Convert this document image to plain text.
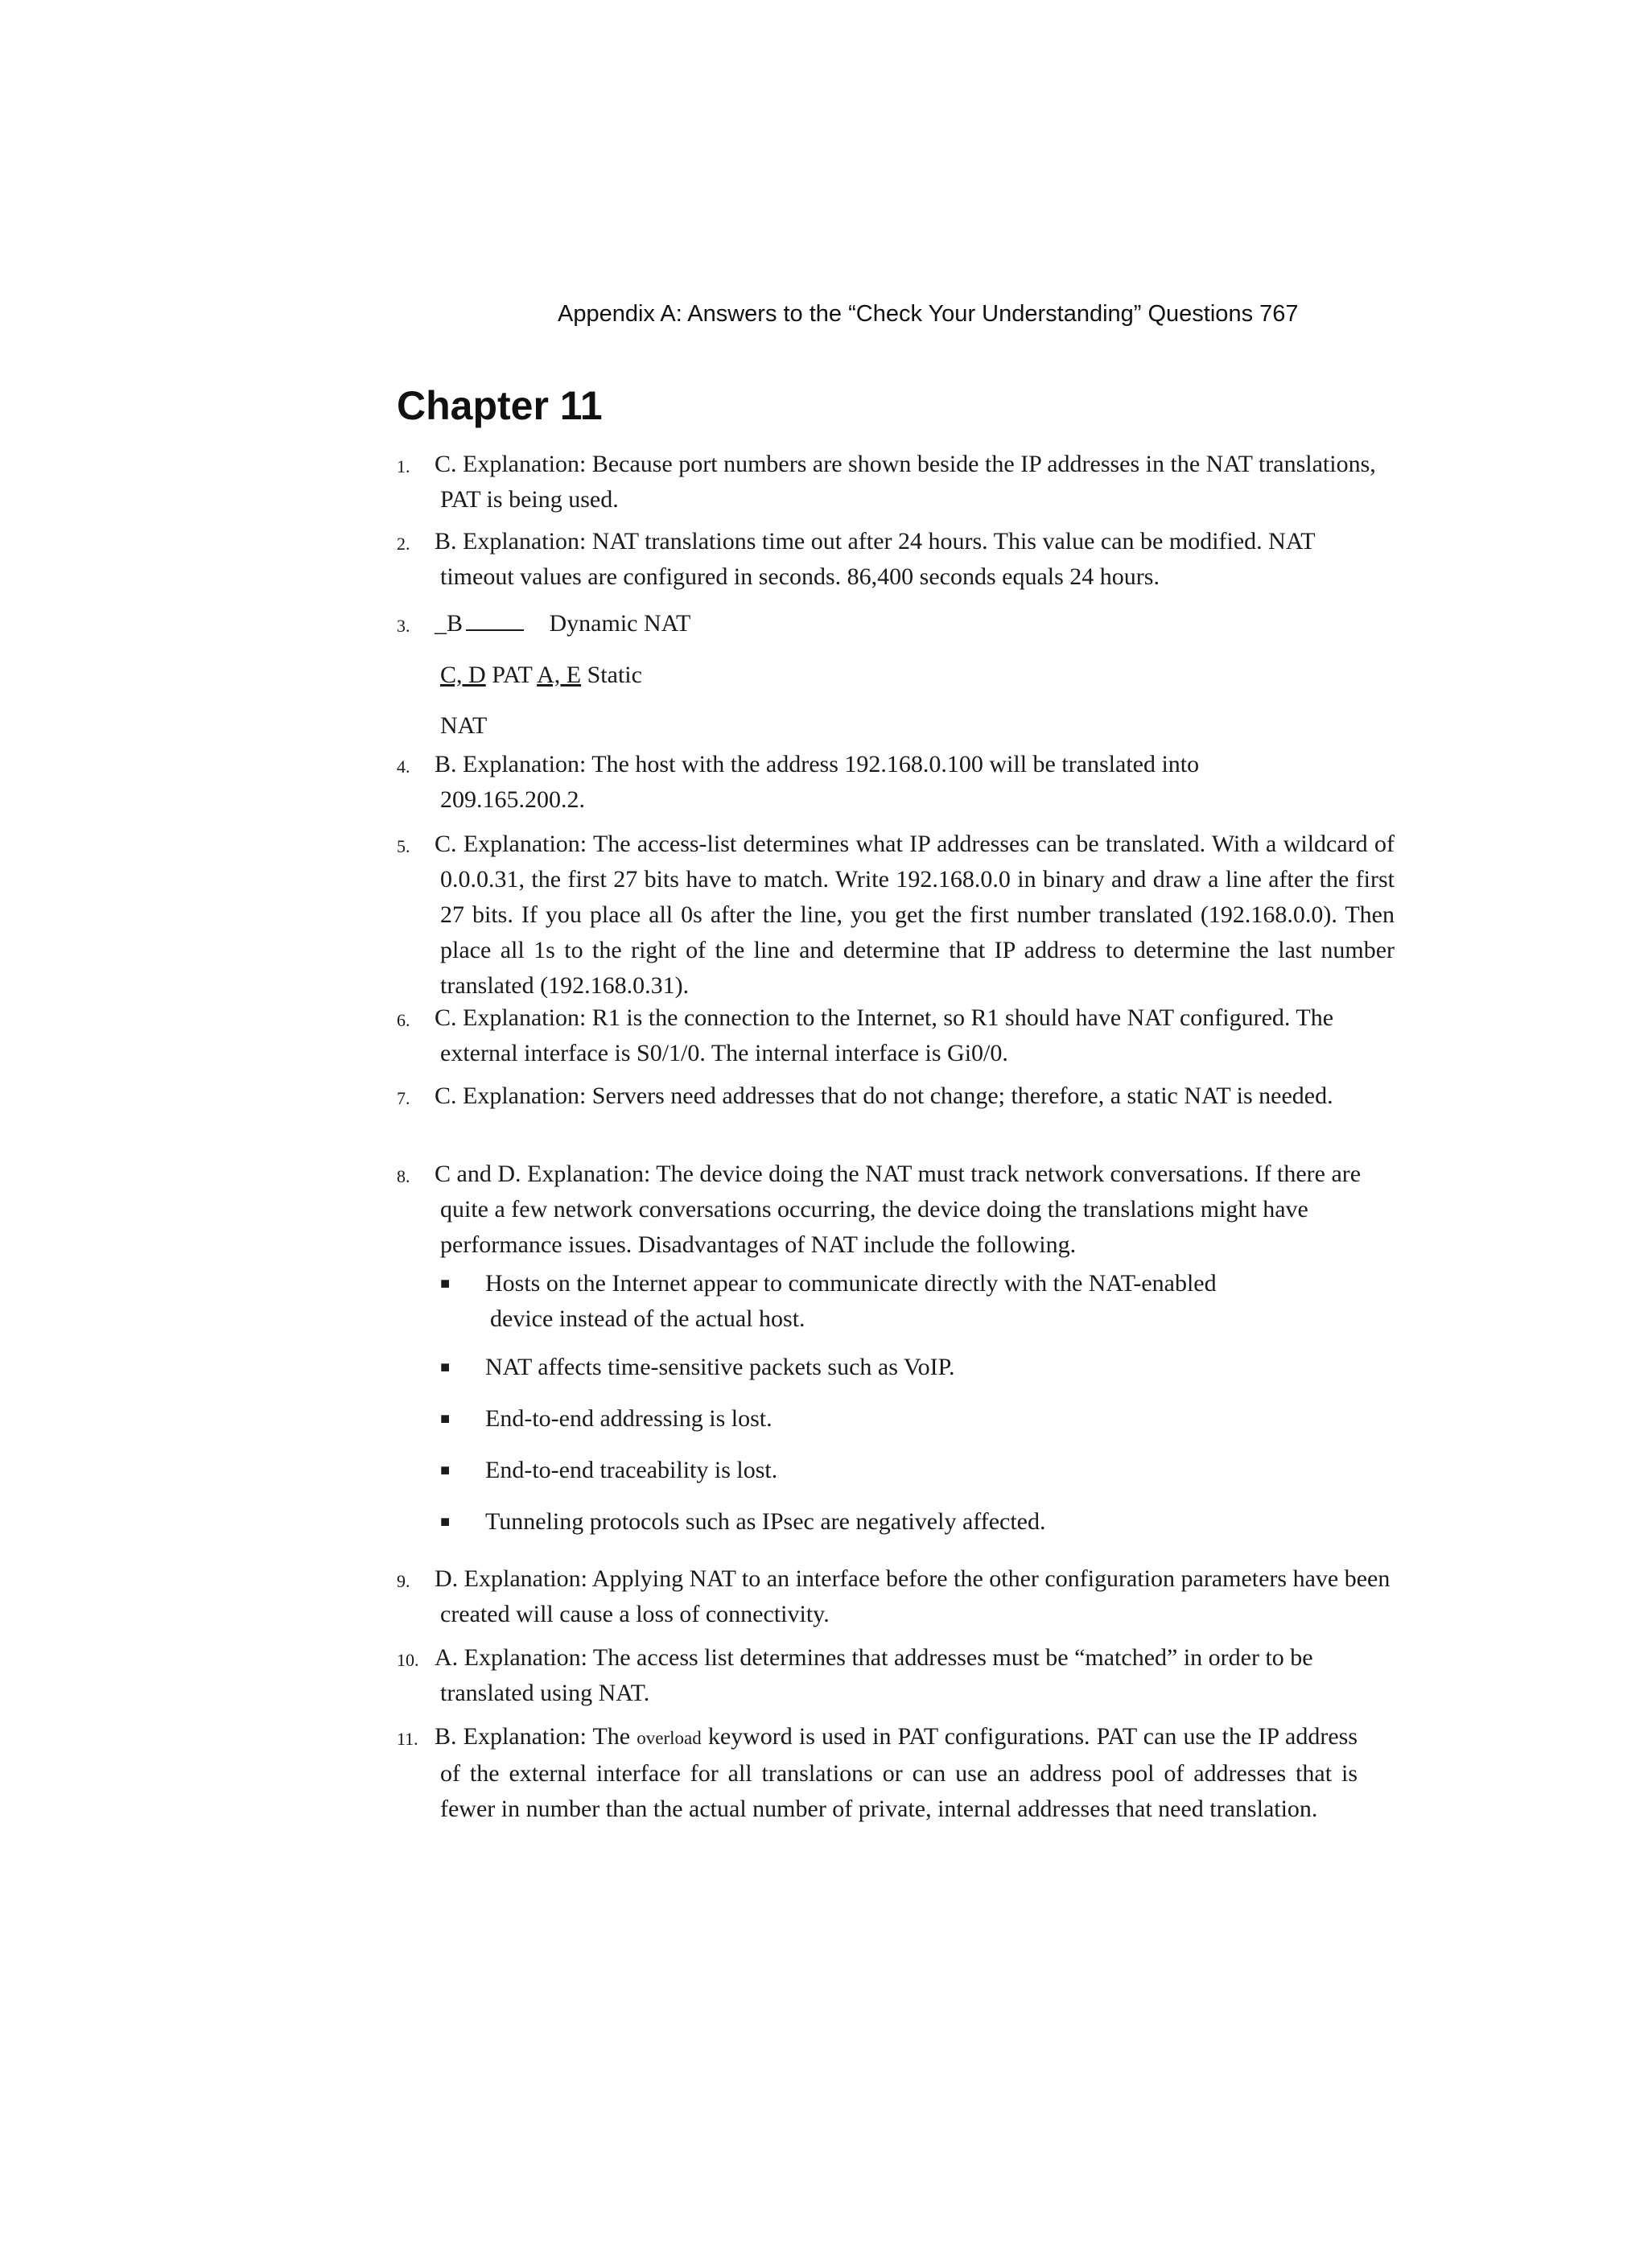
Appendix A: Answers to the “Check Your Understanding” Questions 767
Chapter 11
1. C. Explanation: Because port numbers are shown beside the IP addresses in the NAT translations, PAT is being used.
2. B. Explanation: NAT translations time out after 24 hours. This value can be modified. NAT timeout values are configured in seconds. 86,400 seconds equals 24 hours.
3. _B	Dynamic NAT
C, D PAT A, E Static
NAT
4. B. Explanation: The host with the address 192.168.0.100 will be translated into 209.165.200.2.
5. C. Explanation: The access-list determines what IP addresses can be translated. With a wildcard of 0.0.0.31, the first 27 bits have to match. Write 192.168.0.0 in binary and draw a line after the first 27 bits. If you place all 0s after the line, you get the first number translated (192.168.0.0). Then place all 1s to the right of the line and determine that IP address to determine the last number translated (192.168.0.31).
6. C. Explanation: R1 is the connection to the Internet, so R1 should have NAT configured. The external interface is S0/1/0. The internal interface is Gi0/0.
7. C. Explanation: Servers need addresses that do not change; therefore, a static NAT is needed.
8. C and D. Explanation: The device doing the NAT must track network conversations. If there are quite a few network conversations occurring, the device doing the translations might have performance issues. Disadvantages of NAT include the following.
■	Hosts on the Internet appear to communicate directly with the NAT-enabled device instead of the actual host.
■	NAT affects time-sensitive packets such as VoIP.
■	End-to-end addressing is lost.
■	End-to-end traceability is lost.
■	Tunneling protocols such as IPsec are negatively affected.
9. D. Explanation: Applying NAT to an interface before the other configuration parameters have been created will cause a loss of connectivity.
10. A. Explanation: The access list determines that addresses must be “matched” in order to be translated using NAT.
11. B. Explanation: The overload keyword is used in PAT configurations. PAT can use the IP address of the external interface for all translations or can use an address pool of addresses that is fewer in number than the actual number of private, internal addresses that need translation.
